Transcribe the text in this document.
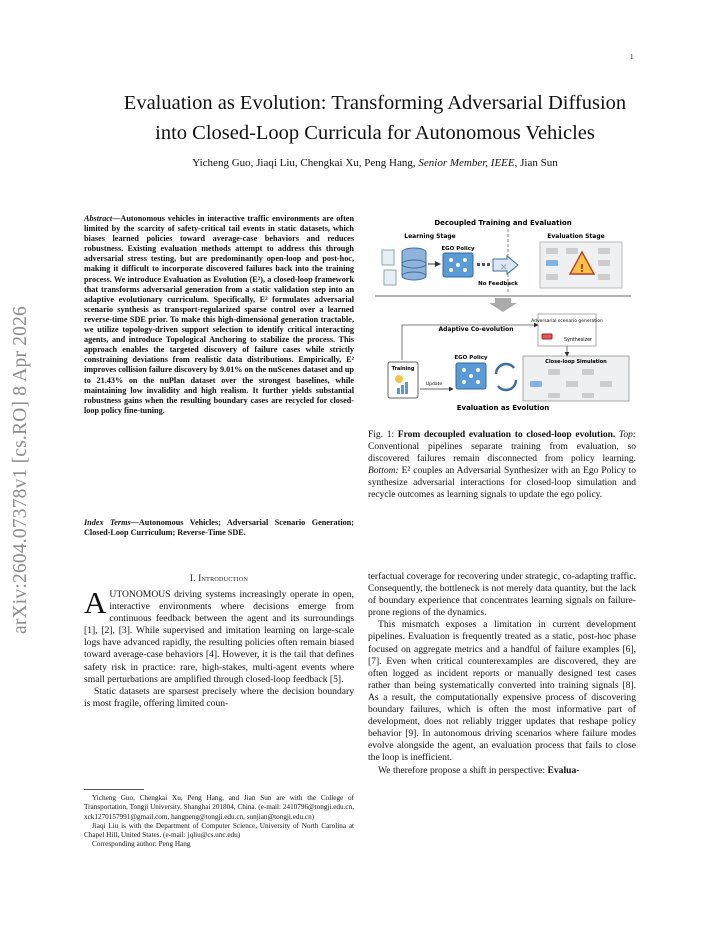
1
arXiv:2604.07378v1 [cs.RO] 8 Apr 2026
Evaluation as Evolution: Transforming Adversarial Diffusion
into Closed-Loop Curricula for Autonomous Vehicles
Yicheng Guo, Jiaqi Liu, Chengkai Xu, Peng Hang, Senior Member, IEEE, Jian Sun
Abstract—Autonomous vehicles in interactive traffic environments are often limited by the scarcity of safety-critical tail events in static datasets, which biases learned policies toward average-case behaviors and reduces robustness. Existing evaluation methods attempt to address this through adversarial stress testing, but are predominantly open-loop and post-hoc, making it difficult to incorporate discovered failures back into the training process. We introduce Evaluation as Evolution (E²), a closed-loop framework that transforms adversarial generation from a static validation step into an adaptive evolutionary curriculum. Specifically, E² formulates adversarial scenario synthesis as transport-regularized sparse control over a learned reverse-time SDE prior. To make this high-dimensional generation tractable, we utilize topology-driven support selection to identify critical interacting agents, and introduce Topological Anchoring to stabilize the process. This approach enables the targeted discovery of failure cases while strictly constraining deviations from realistic data distributions. Empirically, E² improves collision failure discovery by 9.01% on the nuScenes dataset and up to 21.43% on the nuPlan dataset over the strongest baselines, while maintaining low invalidity and high realism. It further yields substantial robustness gains when the resulting boundary cases are recycled for closed-loop policy fine-tuning.
Index Terms—Autonomous Vehicles; Adversarial Scenario Generation; Closed-Loop Curriculum; Reverse-Time SDE.
I. Introduction

AUTONOMOUS driving systems increasingly operate in open, interactive environments where decisions emerge from continuous feedback between the agent and its surroundings [1], [2], [3]. While supervised and imitation learning on large-scale logs have advanced rapidly, the resulting policies often remain biased toward average-case behaviors [4]. However, it is the tail that defines safety risk in practice: rare, high-stakes, multi-agent events where small perturbations are amplified through closed-loop feedback [5].

Static datasets are sparsest precisely where the decision boundary is most fragile, offering limited coun-

Yicheng Guo, Chengkai Xu, Peng Hang, and Jian Sun are with the College of Transportation, Tongji University, Shanghai 201804, China. (e-mail: 2410796@tongji.edu.cn, xck1270157991@gmail.com, hangpeng@tongji.edu.cn, sunjian@tongji.edu.cn)

Jiaqi Liu is with the Department of Computer Science, University of North Carolina at Chapel Hill, United States. (e-mail: jqliu@cs.unc.edu)

Corresponding author: Peng Hang

Decoupled Training and Evaluation
Learning Stage	Evaluation Stage
EGO Policy
✕
No Feedback
!
Adaptive Co-evolution
Adversarial scenario generation
Synthesizer
Training
Update
EGO Policy
Close-loop Simulation
Evaluation as Evolution
Fig. 1: From decoupled evaluation to closed-loop evolution. Top: Conventional pipelines separate training from evaluation, so discovered failures remain disconnected from policy learning. Bottom: E² couples an Adversarial Synthesizer with an Ego Policy to synthesize adversarial interactions for closed-loop simulation and recycle outcomes as learning signals to update the ego policy.

terfactual coverage for recovering under strategic, co-adapting traffic. Consequently, the bottleneck is not merely data quantity, but the lack of boundary experience that concentrates learning signals on failure-prone regions of the dynamics.

This mismatch exposes a limitation in current development pipelines. Evaluation is frequently treated as a static, post-hoc phase focused on aggregate metrics and a handful of failure examples [6], [7]. Even when critical counterexamples are discovered, they are often logged as incident reports or manually designed test cases rather than being systematically converted into training signals [8]. As a result, the computationally expensive process of discovering boundary failures, which is often the most informative part of development, does not reliably trigger updates that reshape policy behavior [9]. In autonomous driving scenarios where failure modes evolve alongside the agent, an evaluation process that fails to close the loop is inefficient.

We therefore propose a shift in perspective: Evalua-
